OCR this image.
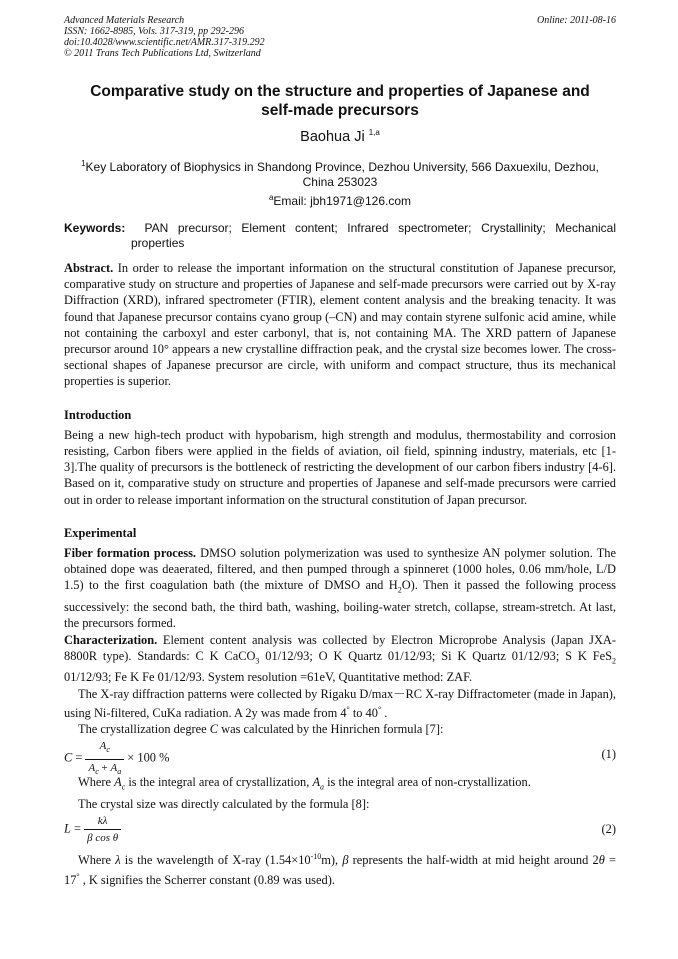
Advanced Materials Research
ISSN: 1662-8985, Vols. 317-319, pp 292-296
doi:10.4028/www.scientific.net/AMR.317-319.292
© 2011 Trans Tech Publications Ltd, Switzerland
Online: 2011-08-16
Comparative study on the structure and properties of Japanese and
self-made precursors
Baohua Ji $^{1,a}$
$^1$Key Laboratory of Biophysics in Shandong Province, Dezhou University, 566 Daxuexilu, Dezhou,
China 253023
$^a$Email: jbh1971@126.com
Keywords: PAN precursor; Element content; Infrared spectrometer; Crystallinity; Mechanical properties

Abstract. In order to release the important information on the structural constitution of Japanese precursor, comparative study on structure and properties of Japanese and self-made precursors were carried out by X-ray Diffraction (XRD), infrared spectrometer (FTIR), element content analysis and the breaking tenacity. It was found that Japanese precursor contains cyano group (–CN) and may contain styrene sulfonic acid amine, while not containing the carboxyl and ester carbonyl, that is, not containing MA. The XRD pattern of Japanese precursor around 10° appears a new crystalline diffraction peak, and the crystal size becomes lower. The cross-sectional shapes of Japanese precursor are circle, with uniform and compact structure, thus its mechanical properties is superior.

Introduction

Being a new high-tech product with hypobarism, high strength and modulus, thermostability and corrosion resisting, Carbon fibers were applied in the fields of aviation, oil field, spinning industry, materials, etc [1-3].The quality of precursors is the bottleneck of restricting the development of our carbon fibers industry [4-6]. Based on it, comparative study on structure and properties of Japanese and self-made precursors were carried out in order to release important information on the structural constitution of Japan precursor.

Experimental

Fiber formation process. DMSO solution polymerization was used to synthesize AN polymer solution. The obtained dope was deaerated, filtered, and then pumped through a spinneret (1000 holes, 0.06 mm/hole, L/D 1.5) to the first coagulation bath (the mixture of DMSO and $H_2O$). Then it passed the following process successively: the second bath, the third bath, washing, boiling-water stretch, collapse, stream-stretch. At last, the precursors formed.

Characterization. Element content analysis was collected by Electron Microprobe Analysis (Japan JXA-8800R type). Standards: C K CaCO$_3$ 01/12/93; O K Quartz 01/12/93; Si K Quartz 01/12/93; S K FeS$_2$ 01/12/93; Fe K Fe 01/12/93. System resolution =61eV, Quantitative method: ZAF.

The X-ray diffraction patterns were collected by Rigaku D/max－RC X-ray Diffractometer (made in Japan), using Ni-filtered, CuKa radiation. A 2y was made from 4° to 40° .

The crystallization degree C was calculated by the Hinrichen formula [7]:

$C = \frac{A_c}{A_c + A_a} \times 100$ %	(1)

Where $A_c$ is the integral area of crystallization, $A_a$ is the integral area of non-crystallization.

The crystal size was directly calculated by the formula [8]:

$L = \frac{k\lambda}{\text{β cos θ}}$	(2)

Where λ is the wavelength of X-ray $(1.54\times 10^{-10}m)$, β represents the half-width at mid height around 2θ = 17° , K signifies the Scherrer constant (0.89 was used).
